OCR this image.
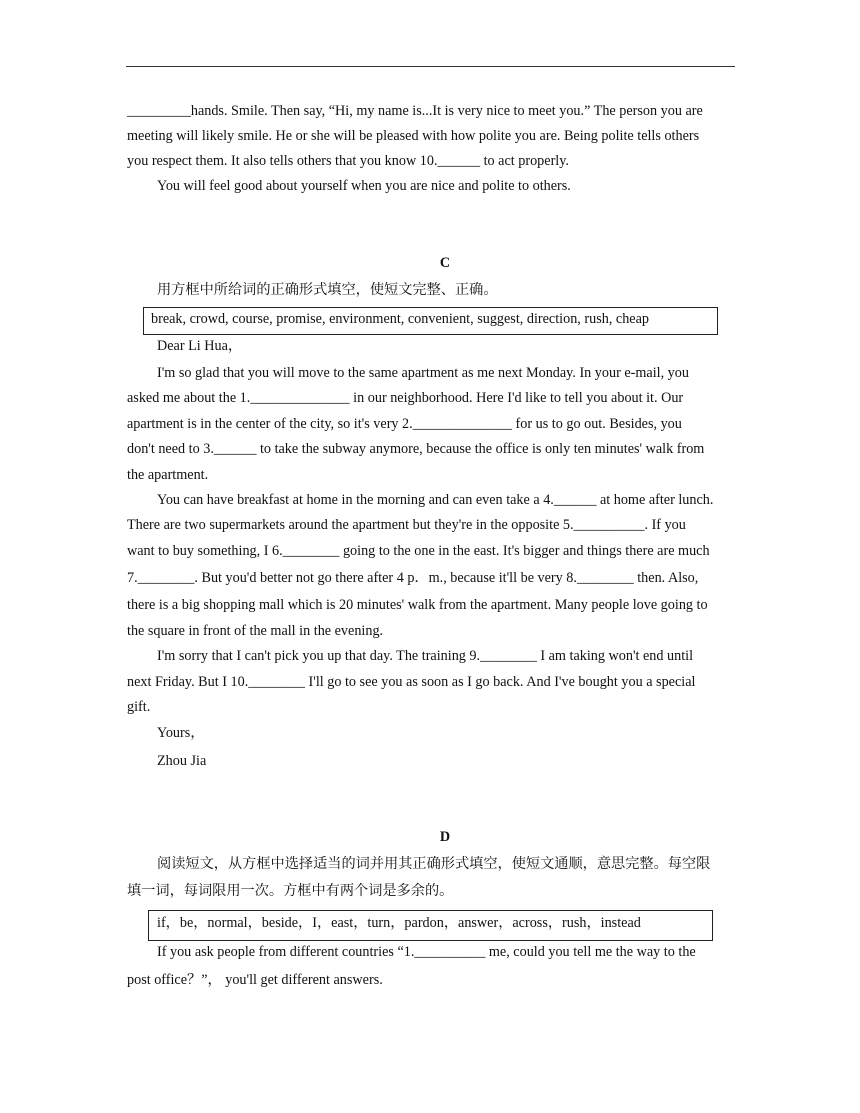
_________hands. Smile. Then say, “Hi, my name is...It is very nice to meet you.” The person you are
meeting will likely smile. He or she will be pleased with how polite you are. Being polite tells others
you respect them. It also tells others that you know 10.______ to act properly.
You will feel good about yourself when you are nice and polite to others.
C
用方框中所给词的正确形式填空，使短文完整、正确。
break, crowd, course, promise, environment, convenient, suggest, direction, rush, cheap
Dear Li Hua，
I'm so glad that you will move to the same apartment as me next Monday. In your e-mail, you
asked me about the 1.______________ in our neighborhood. Here I'd like to tell you about it. Our
apartment is in the center of the city, so it's very 2.______________ for us to go out. Besides, you
don't need to 3.______ to take the subway anymore, because the office is only ten minutes' walk from
the apartment.
You can have breakfast at home in the morning and can even take a 4.______ at home after lunch.
There are two supermarkets around the apartment but they're in the opposite 5.__________. If you
want to buy something, I 6.________ going to the one in the east. It's bigger and things there are much
7.________. But you'd better not go there after 4 p．m., because it'll be very 8.________ then. Also,
there is a big shopping mall which is 20 minutes' walk from the apartment. Many people love going to
the square in front of the mall in the evening.
I'm sorry that I can't pick you up that day. The training 9.________ I am taking won't end until
next Friday. But I 10.________ I'll go to see you as soon as I go back. And I've bought you a special
gift.
Yours，
Zhou Jia
D
阅读短文，从方框中选择适当的词并用其正确形式填空，使短文通顺，意思完整。每空限
填一词，每词限用一次。方框中有两个词是多余的。
if，be，normal，beside，I，east，turn，pardon，answer，across，rush，instead
If you ask people from different countries “1.__________ me, could you tell me the way to the
post office？”， you'll get different answers.
